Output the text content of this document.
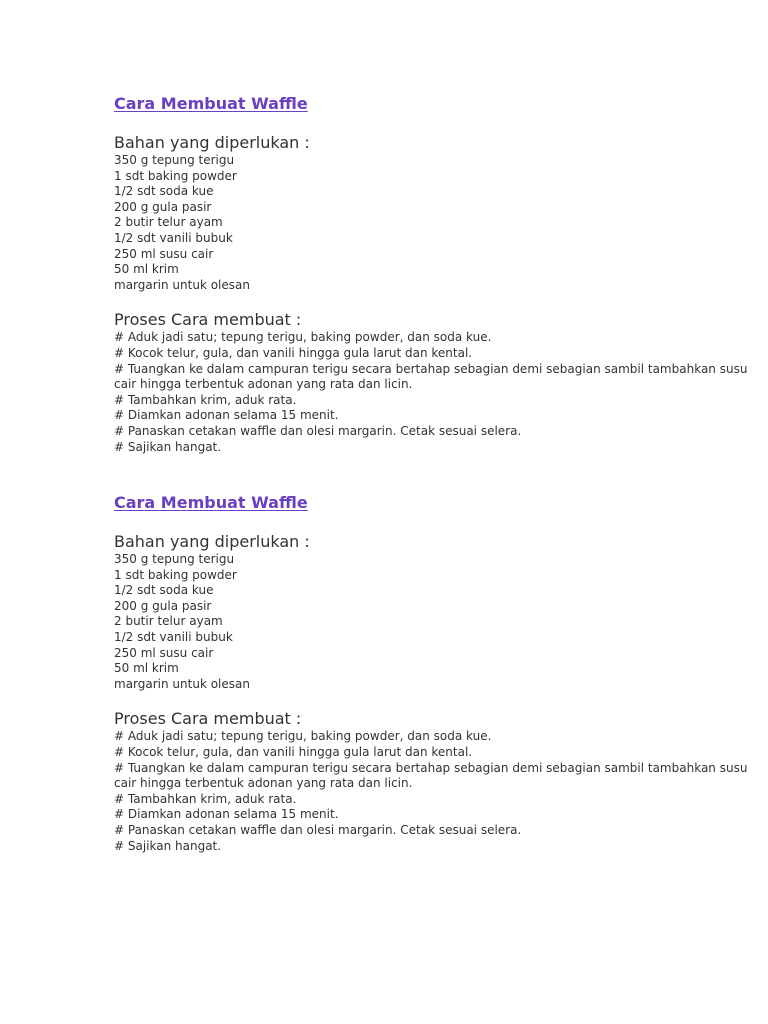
Cara Membuat Waffle

Bahan yang diperlukan :

350 g tepung terigu
1 sdt baking powder
1/2 sdt soda kue
200 g gula pasir
2 butir telur ayam
1/2 sdt vanili bubuk
250 ml susu cair
50 ml krim
margarin untuk olesan

Proses Cara membuat :

# Aduk jadi satu; tepung terigu, baking powder, dan soda kue.
# Kocok telur, gula, dan vanili hingga gula larut dan kental.
# Tuangkan ke dalam campuran terigu secara bertahap sebagian demi sebagian sambil tambahkan susu cair hingga terbentuk adonan yang rata dan licin.
# Tambahkan krim, aduk rata.
# Diamkan adonan selama 15 menit.
# Panaskan cetakan waffle dan olesi margarin. Cetak sesuai selera.
# Sajikan hangat.
Cara Membuat Waffle

Bahan yang diperlukan :

350 g tepung terigu
1 sdt baking powder
1/2 sdt soda kue
200 g gula pasir
2 butir telur ayam
1/2 sdt vanili bubuk
250 ml susu cair
50 ml krim
margarin untuk olesan

Proses Cara membuat :

# Aduk jadi satu; tepung terigu, baking powder, dan soda kue.
# Kocok telur, gula, dan vanili hingga gula larut dan kental.
# Tuangkan ke dalam campuran terigu secara bertahap sebagian demi sebagian sambil tambahkan susu cair hingga terbentuk adonan yang rata dan licin.
# Tambahkan krim, aduk rata.
# Diamkan adonan selama 15 menit.
# Panaskan cetakan waffle dan olesi margarin. Cetak sesuai selera.
# Sajikan hangat.
